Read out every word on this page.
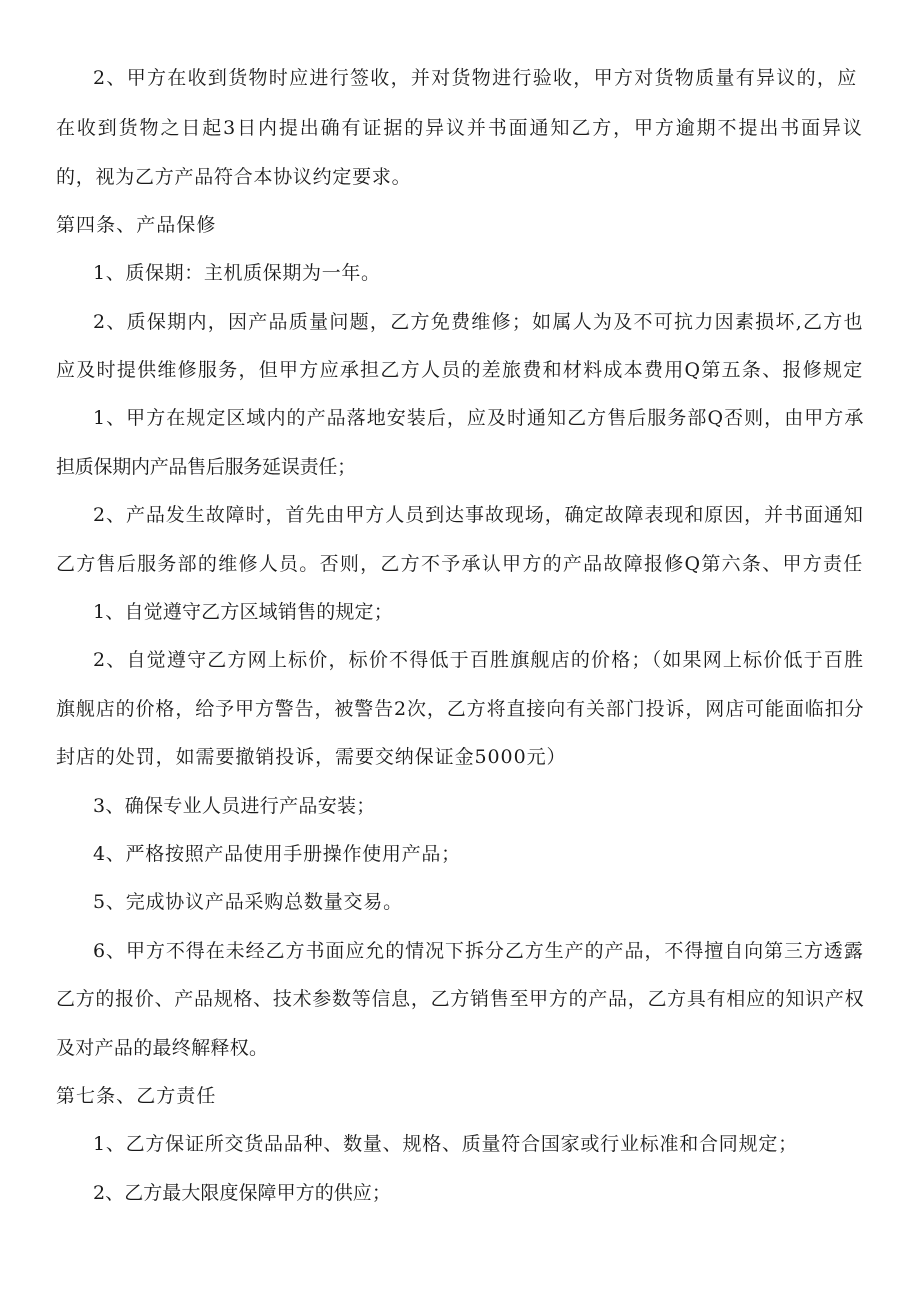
2、甲方在收到货物时应进行签收，并对货物进行验收，甲方对货物质量有异议的，应
在收到货物之日起3日内提出确有证据的异议并书面通知乙方，甲方逾期不提出书面异议
的，视为乙方产品符合本协议约定要求。
第四条、产品保修
1、质保期：主机质保期为一年。
2、质保期内，因产品质量问题，乙方免费维修；如属人为及不可抗力因素损坏,乙方也
应及时提供维修服务，但甲方应承担乙方人员的差旅费和材料成本费用Q第五条、报修规定
1、甲方在规定区域内的产品落地安装后，应及时通知乙方售后服务部Q否则，由甲方承
担质保期内产品售后服务延误责任；
2、产品发生故障时，首先由甲方人员到达事故现场，确定故障表现和原因，并书面通知
乙方售后服务部的维修人员。否则，乙方不予承认甲方的产品故障报修Q第六条、甲方责任
1、自觉遵守乙方区域销售的规定；
2、自觉遵守乙方网上标价，标价不得低于百胜旗舰店的价格；（如果网上标价低于百胜
旗舰店的价格，给予甲方警告，被警告2次，乙方将直接向有关部门投诉，网店可能面临扣分
封店的处罚，如需要撤销投诉，需要交纳保证金5000元）
3、确保专业人员进行产品安装；
4、严格按照产品使用手册操作使用产品；
5、完成协议产品采购总数量交易。
6、甲方不得在未经乙方书面应允的情况下拆分乙方生产的产品，不得擅自向第三方透露
乙方的报价、产品规格、技术参数等信息，乙方销售至甲方的产品，乙方具有相应的知识产权
及对产品的最终解释权。
第七条、乙方责任
1、乙方保证所交货品品种、数量、规格、质量符合国家或行业标准和合同规定；
2、乙方最大限度保障甲方的供应；
